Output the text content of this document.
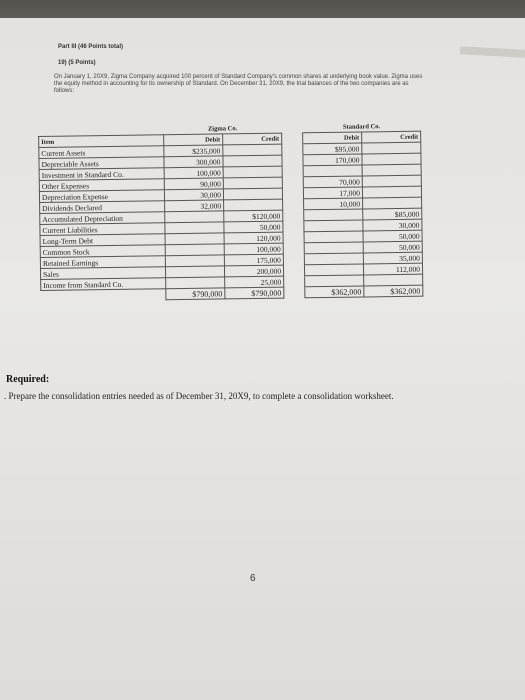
Part III (46 Points total)
19) (5 Points)
On January 1, 20X9, Zigma Company acquired 100 percent of Standard Company's common shares at underlying book value. Zigma uses the equity method in accounting for its ownership of Standard. On December 31, 20X9, the trial balances of the two companies are as follows:
	Zigma Co.			Standard Co.	
Item	Debit	Credit		Debit	Credit
Current Assets	$235,000			$95,000	
Depreciable Assets	300,000			170,000	
Investment in Standard Co.	100,000				
Other Expenses	90,000			70,000	
Depreciation Expense	30,000			17,000	
Dividends Declared	32,000			10,000	
Accumulated Depreciation		$120,000			$85,000
Current Liabilities		50,000			30,000
Long-Term Debt		120,000			50,000
Common Stock		100,000			50,000
Retained Earnings		175,000			35,000
Sales		200,000			112,000
Income from Standard Co.		25,000			
	$790,000	$790,000		$362,000	$362,000
Required:
. Prepare the consolidation entries needed as of December 31, 20X9, to complete a consolidation worksheet.
6
